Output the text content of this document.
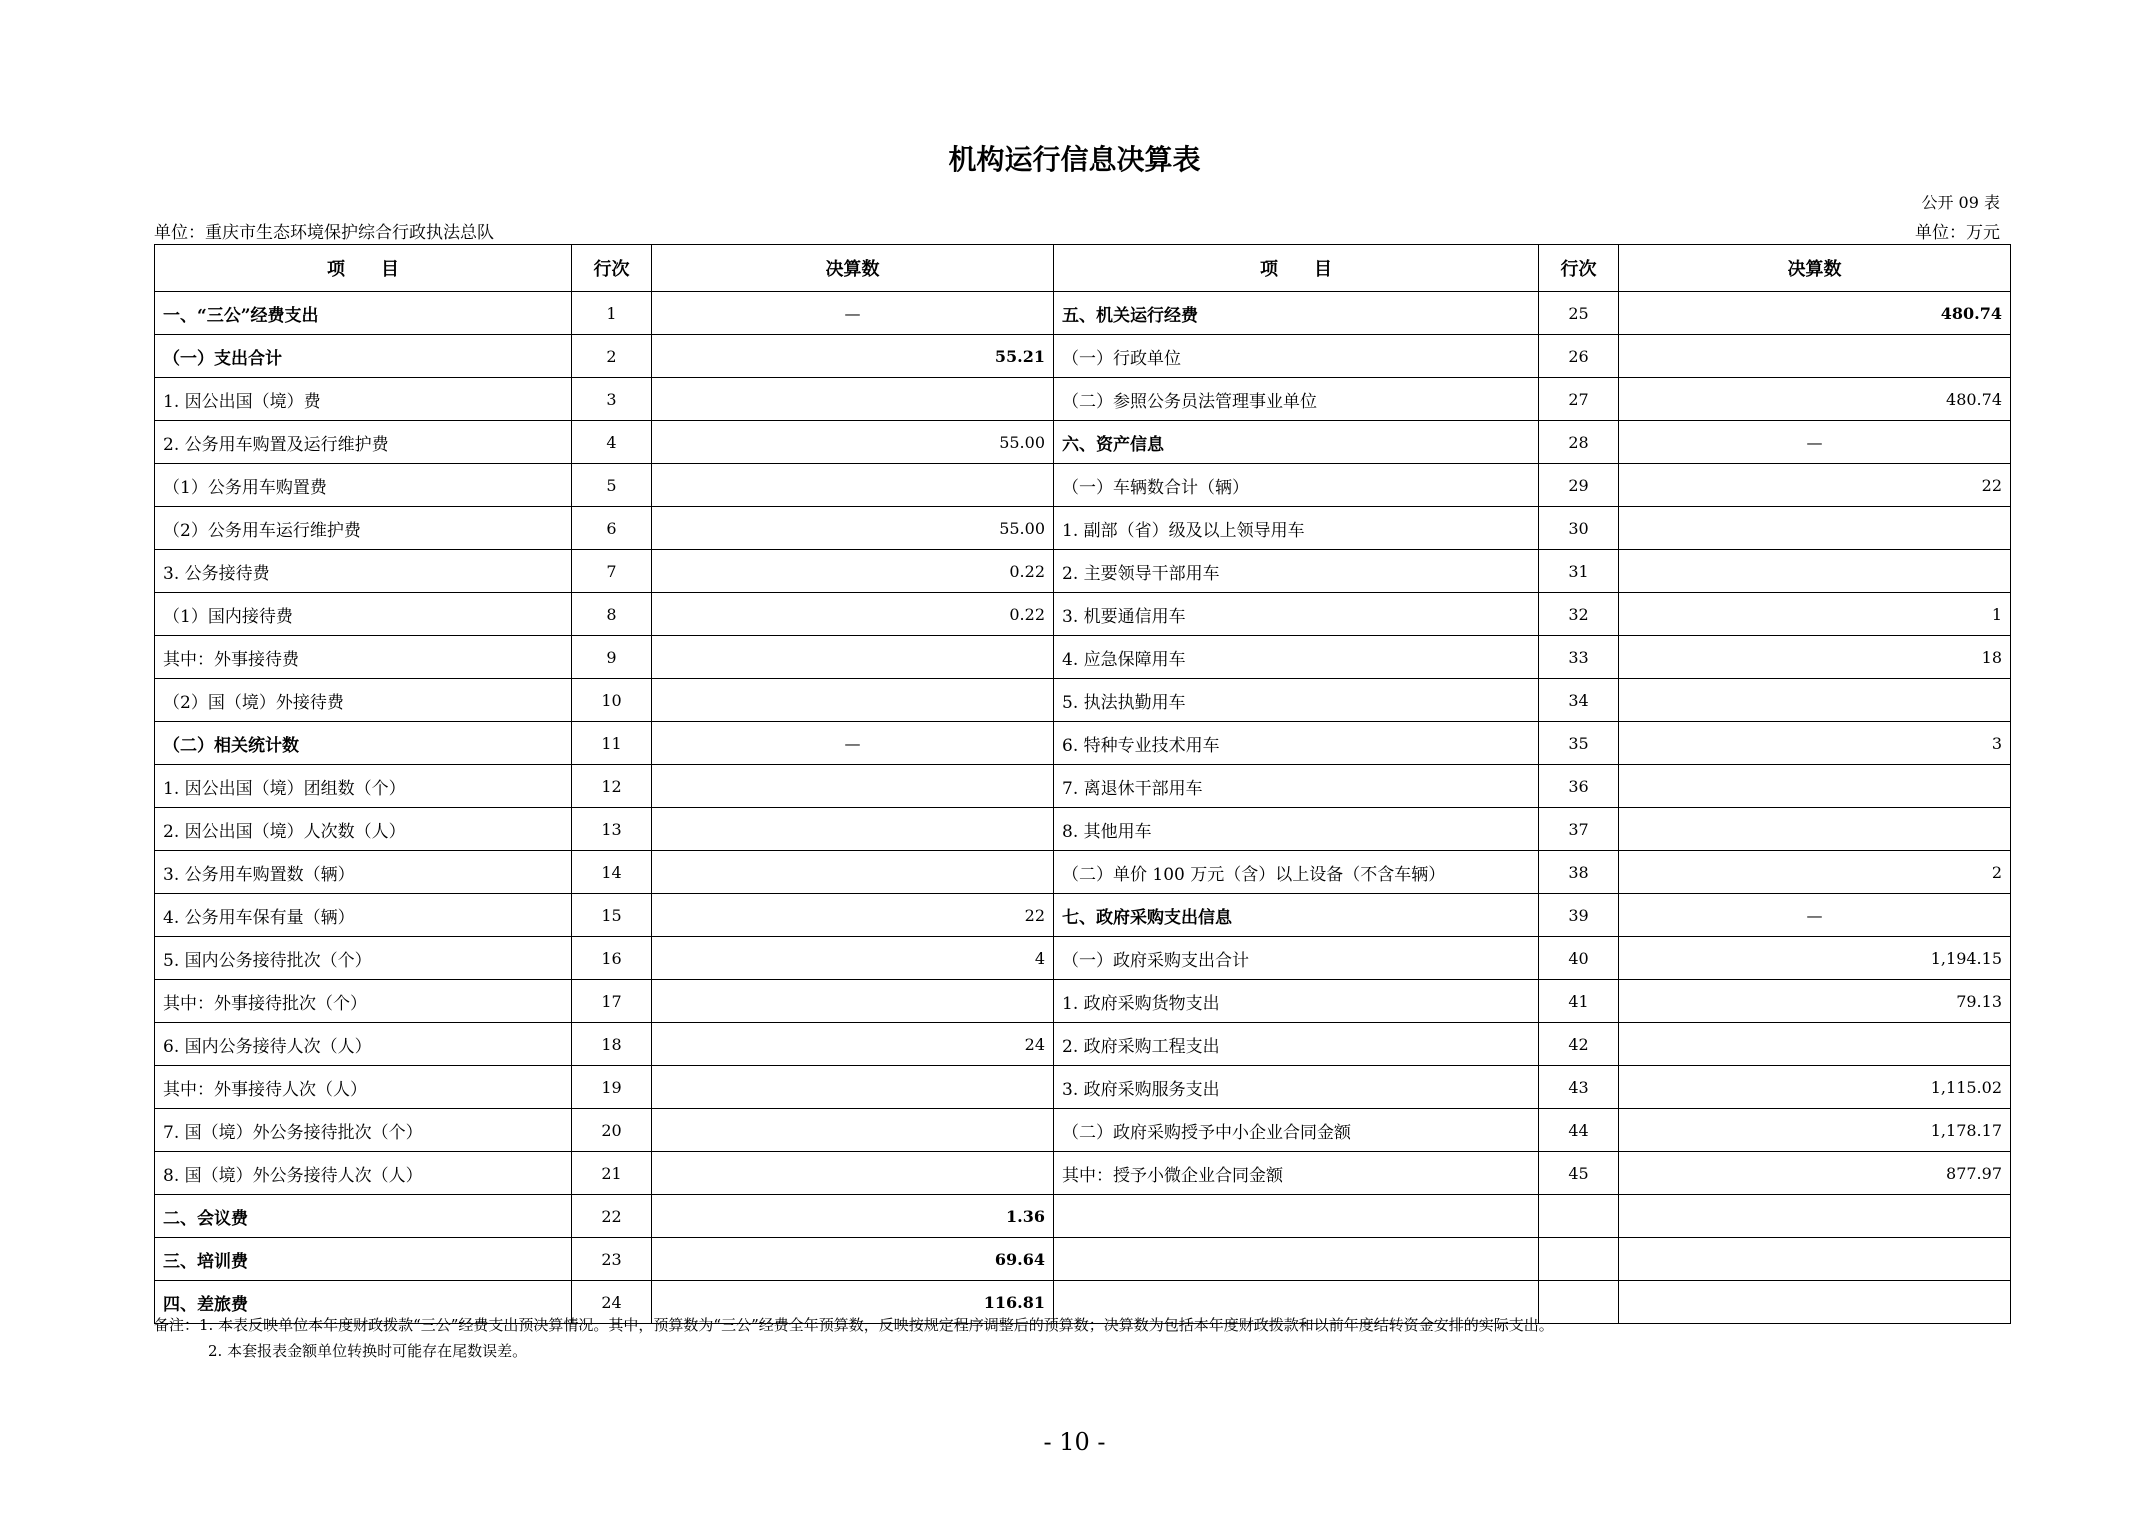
机构运行信息决算表
公开 09 表
单位：重庆市生态环境保护综合行政执法总队	单位：万元
项　　目	行次	决算数	项　　目	行次	决算数
一、“三公”经费支出	1	—	五、机关运行经费	25	480.74
（一）支出合计	2	55.21	（一）行政单位	26	
1. 因公出国（境）费	3		（二）参照公务员法管理事业单位	27	480.74
2. 公务用车购置及运行维护费	4	55.00	六、资产信息	28	—
（1）公务用车购置费	5		（一）车辆数合计（辆）	29	22
（2）公务用车运行维护费	6	55.00	1. 副部（省）级及以上领导用车	30	
3. 公务接待费	7	0.22	2. 主要领导干部用车	31	
（1）国内接待费	8	0.22	3. 机要通信用车	32	1
其中：外事接待费	9		4. 应急保障用车	33	18
（2）国（境）外接待费	10		5. 执法执勤用车	34	
（二）相关统计数	11	—	6. 特种专业技术用车	35	3
1. 因公出国（境）团组数（个）	12		7. 离退休干部用车	36	
2. 因公出国（境）人次数（人）	13		8. 其他用车	37	
3. 公务用车购置数（辆）	14		（二）单价 100 万元（含）以上设备（不含车辆）	38	2
4. 公务用车保有量（辆）	15	22	七、政府采购支出信息	39	—
5. 国内公务接待批次（个）	16	4	（一）政府采购支出合计	40	1,194.15
其中：外事接待批次（个）	17		1. 政府采购货物支出	41	79.13
6. 国内公务接待人次（人）	18	24	2. 政府采购工程支出	42	
其中：外事接待人次（人）	19		3. 政府采购服务支出	43	1,115.02
7. 国（境）外公务接待批次（个）	20		（二）政府采购授予中小企业合同金额	44	1,178.17
8. 国（境）外公务接待人次（人）	21		其中：授予小微企业合同金额	45	877.97
二、会议费	22	1.36			
三、培训费	23	69.64			
四、差旅费	24	116.81			
备注：1. 本表反映单位本年度财政拨款“三公”经费支出预决算情况。其中，预算数为“三公”经费全年预算数，反映按规定程序调整后的预算数；决算数为包括本年度财政拨款和以前年度结转资金安排的实际支出。
2. 本套报表金额单位转换时可能存在尾数误差。
- 10 -
